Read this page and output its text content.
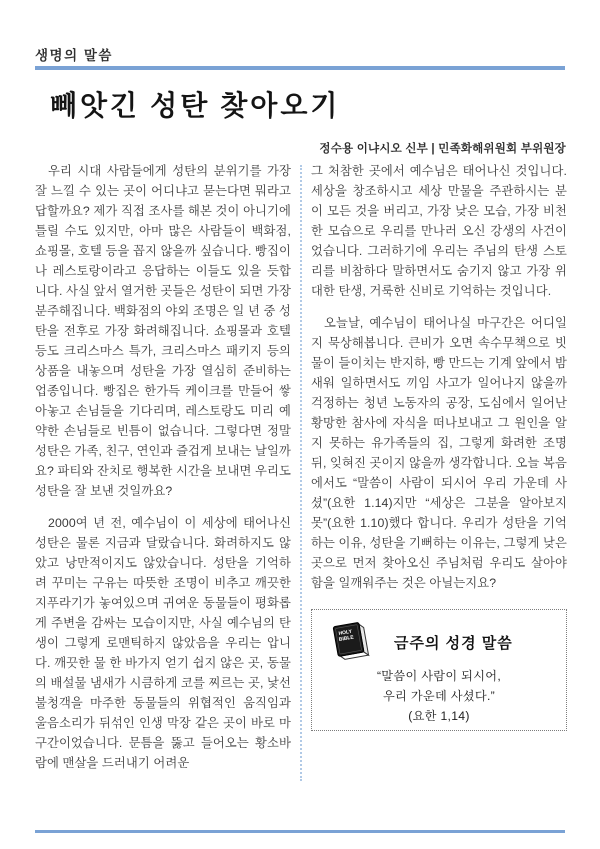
생명의 말씀
빼앗긴 성탄 찾아오기
정수용 이냐시오 신부 | 민족화해위원회 부위원장

우리 시대 사람들에게 성탄의 분위기를 가장 잘 느낄 수 있는 곳이 어디냐고 묻는다면 뭐라고 답할까요? 제가 직접 조사를 해본 것이 아니기에 틀릴 수도 있지만, 아마 많은 사람들이 백화점, 쇼핑몰, 호텔 등을 꼽지 않을까 싶습니다. 빵집이나 레스토랑이라고 응답하는 이들도 있을 듯합니다. 사실 앞서 열거한 곳들은 성탄이 되면 가장 분주해집니다. 백화점의 야외 조명은 일 년 중 성탄을 전후로 가장 화려해집니다. 쇼핑몰과 호텔 등도 크리스마스 특가, 크리스마스 패키지 등의 상품을 내놓으며 성탄을 가장 열심히 준비하는 업종입니다. 빵집은 한가득 케이크를 만들어 쌓아놓고 손님들을 기다리며, 레스토랑도 미리 예약한 손님들로 빈틈이 없습니다. 그렇다면 정말 성탄은 가족, 친구, 연인과 즐겁게 보내는 날일까요? 파티와 잔치로 행복한 시간을 보내면 우리도 성탄을 잘 보낸 것일까요?

2000여 년 전, 예수님이 이 세상에 태어나신 성탄은 물론 지금과 달랐습니다. 화려하지도 않았고 낭만적이지도 않았습니다. 성탄을 기억하려 꾸미는 구유는 따뜻한 조명이 비추고 깨끗한 지푸라기가 놓여있으며 귀여운 동물들이 평화롭게 주변을 감싸는 모습이지만, 사실 예수님의 탄생이 그렇게 로맨틱하지 않았음을 우리는 압니다. 깨끗한 물 한 바가지 얻기 쉽지 않은 곳, 동물의 배설물 냄새가 시큼하게 코를 찌르는 곳, 낯선 불청객을 마주한 동물들의 위협적인 움직임과 울음소리가 뒤섞인 인생 막장 같은 곳이 바로 마구간이었습니다. 문틈을 뚫고 들어오는 황소바람에 맨살을 드러내기 어려운

그 처참한 곳에서 예수님은 태어나신 것입니다. 세상을 창조하시고 세상 만물을 주관하시는 분이 모든 것을 버리고, 가장 낮은 모습, 가장 비천한 모습으로 우리를 만나러 오신 강생의 사건이었습니다. 그러하기에 우리는 주님의 탄생 스토리를 비참하다 말하면서도 숨기지 않고 가장 위대한 탄생, 거룩한 신비로 기억하는 것입니다.

오늘날, 예수님이 태어나실 마구간은 어디일지 묵상해봅니다. 큰비가 오면 속수무책으로 빗물이 들이치는 반지하, 빵 만드는 기계 앞에서 밤새워 일하면서도 끼임 사고가 일어나지 않을까 걱정하는 청년 노동자의 공장, 도심에서 일어난 황망한 참사에 자식을 떠나보내고 그 원인을 알지 못하는 유가족들의 집, 그렇게 화려한 조명 뒤, 잊혀진 곳이지 않을까 생각합니다. 오늘 복음에서도 “말씀이 사람이 되시어 우리 가운데 사셨”(요한 1.14)지만 “세상은 그분을 알아보지 못”(요한 1.10)했다 합니다. 우리가 성탄을 기억하는 이유, 성탄을 기뻐하는 이유는, 그렇게 낮은 곳으로 먼저 찾아오신 주님처럼 우리도 살아야 함을 일깨워주는 것은 아닐는지요?

HOLY
BIBLE	금주의 성경 말씀
“말씀이 사람이 되시어,
우리 가운데 사셨다.”
(요한 1,14)
